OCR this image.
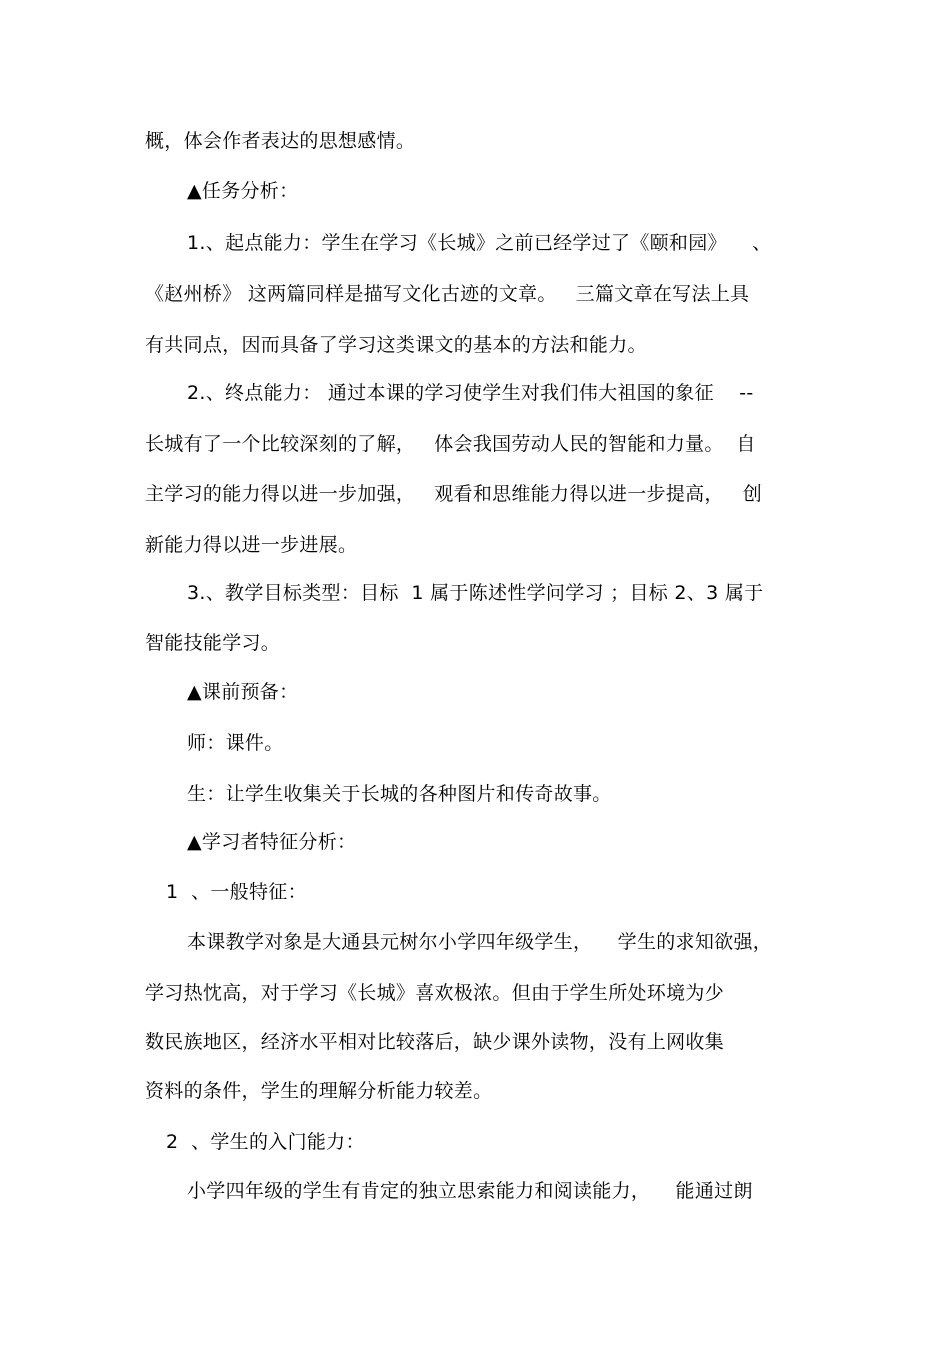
概，体会作者表达的思想感情。
▲任务分析：
1.、起点能力：学生在学习《长城》之前已经学过了《颐和园》    、
《赵州桥》 这两篇同样是描写文化古迹的文章。   三篇文章在写法上具
有共同点，因而具备了学习这类课文的基本的方法和能力。
2.、终点能力： 通过本课的学习使学生对我们伟大祖国的象征    --
长城有了一个比较深刻的了解，   体会我国劳动人民的智能和力量。  自
主学习的能力得以进一步加强，   观看和思维能力得以进一步提高，   创
新能力得以进一步进展。
3.、教学目标类型：目标  1 属于陈述性学问学习 ；目标 2、3 属于
智能技能学习。
▲课前预备：
师：课件。
生：让学生收集关于长城的各种图片和传奇故事。
▲学习者特征分析：
1  、一般特征：
本课教学对象是大通县元树尔小学四年级学生，    学生的求知欲强，
学习热忱高，对于学习《长城》喜欢极浓。但由于学生所处环境为少
数民族地区，经济水平相对比较落后，缺少课外读物，没有上网收集
资料的条件，学生的理解分析能力较差。
2  、学生的入门能力：
小学四年级的学生有肯定的独立思索能力和阅读能力，    能通过朗
